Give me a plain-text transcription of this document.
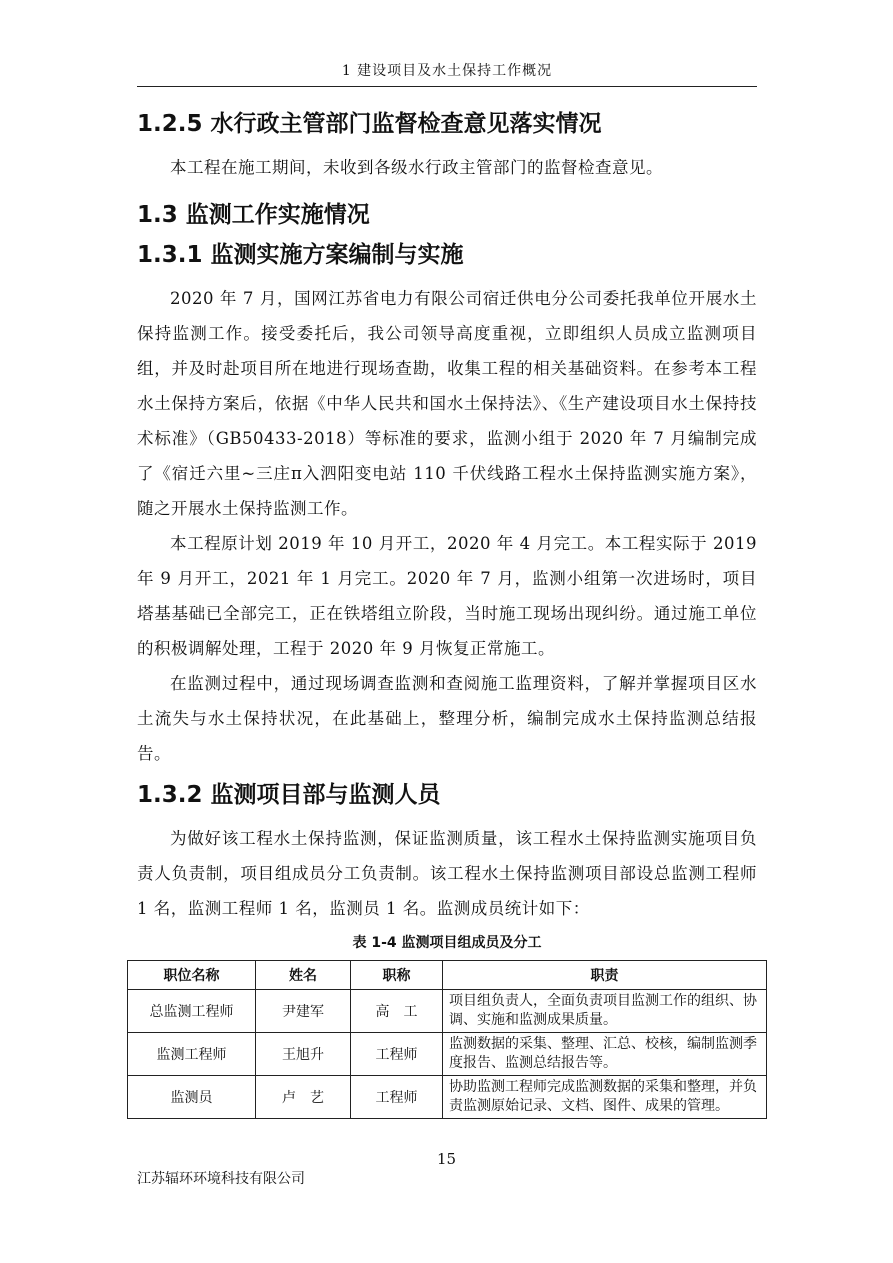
1 建设项目及水土保持工作概况
1.2.5 水行政主管部门监督检查意见落实情况

本工程在施工期间，未收到各级水行政主管部门的监督检查意见。

1.3 监测工作实施情况
1.3.1 监测实施方案编制与实施

2020 年 7 月，国网江苏省电力有限公司宿迁供电分公司委托我单位开展水土保持监测工作。接受委托后，我公司领导高度重视，立即组织人员成立监测项目组，并及时赴项目所在地进行现场查勘，收集工程的相关基础资料。在参考本工程水土保持方案后，依据《中华人民共和国水土保持法》、《生产建设项目水土保持技术标准》（GB50433-2018）等标准的要求，监测小组于 2020 年 7 月编制完成了《宿迁六里~三庄π入泗阳变电站 110 千伏线路工程水土保持监测实施方案》，随之开展水土保持监测工作。

本工程原计划 2019 年 10 月开工，2020 年 4 月完工。本工程实际于 2019 年 9 月开工，2021 年 1 月完工。2020 年 7 月，监测小组第一次进场时，项目塔基基础已全部完工，正在铁塔组立阶段，当时施工现场出现纠纷。通过施工单位的积极调解处理，工程于 2020 年 9 月恢复正常施工。

在监测过程中，通过现场调查监测和查阅施工监理资料，了解并掌握项目区水土流失与水土保持状况，在此基础上，整理分析，编制完成水土保持监测总结报告。

1.3.2 监测项目部与监测人员

为做好该工程水土保持监测，保证监测质量，该工程水土保持监测实施项目负责人负责制，项目组成员分工负责制。该工程水土保持监测项目部设总监测工程师 1 名，监测工程师 1 名，监测员 1 名。监测成员统计如下：

表 1-4 监测项目组成员及分工
职位名称	姓名	职称	职责
总监测工程师	尹建军	高　工	项目组负责人，全面负责项目监测工作的组织、协调、实施和监测成果质量。
监测工程师	王旭升	工程师	监测数据的采集、整理、汇总、校核，编制监测季度报告、监测总结报告等。
监测员	卢　艺	工程师	协助监测工程师完成监测数据的采集和整理，并负责监测原始记录、文档、图件、成果的管理。
15
江苏辐环环境科技有限公司
